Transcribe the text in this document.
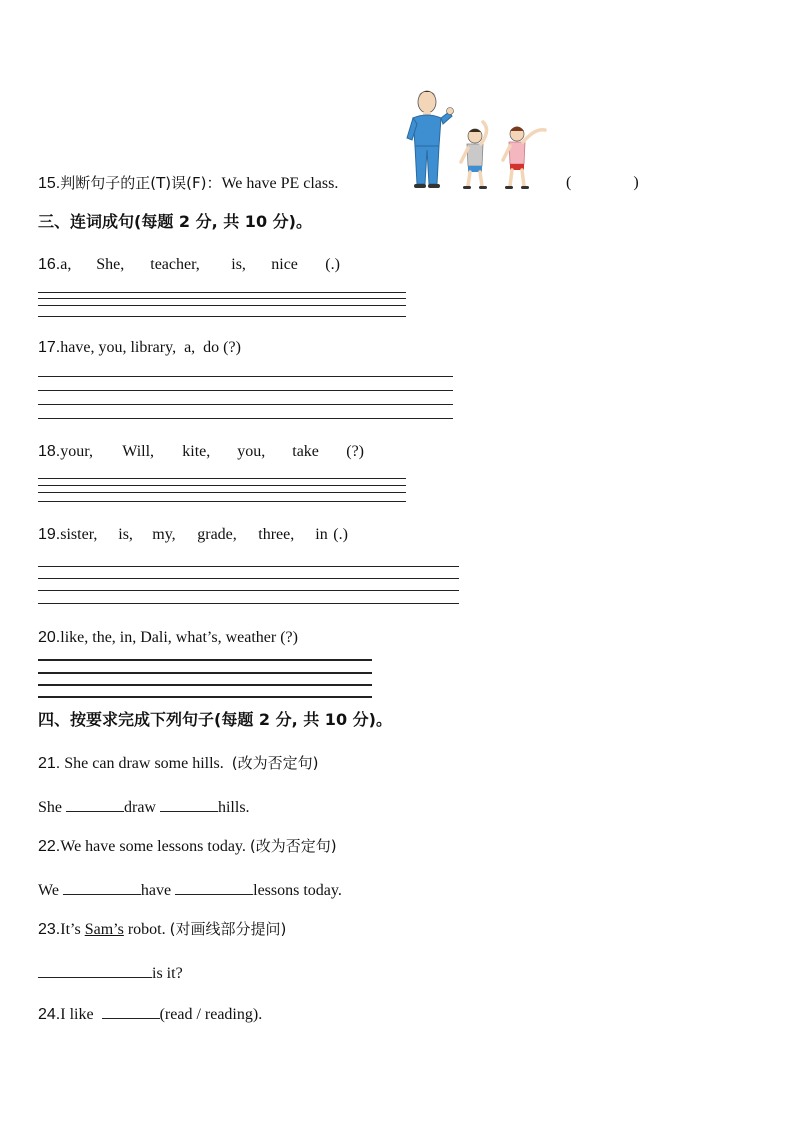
15.判断句子的正(T)误(F)：We have PE class.	(	)
三、连词成句(每题 2 分, 共 10 分)。
16.a, She, teacher, is, nice (.)
17.have, you, library, a, do (?)
18.your, Will, kite, you, take (?)
19.sister, is, my, grade, three, in (.)
20.like, the, in, Dali, what’s, weather (?)
四、按要求完成下列句子(每题 2 分, 共 10 分)。
21. She can draw some hills. (改为否定句)
She	draw	hills.
22.We have some lessons today. (改为否定句)
We	have	lessons today.
23.It’s Sam’s robot. (对画线部分提问)
is it?
24.I like	(read / reading).
